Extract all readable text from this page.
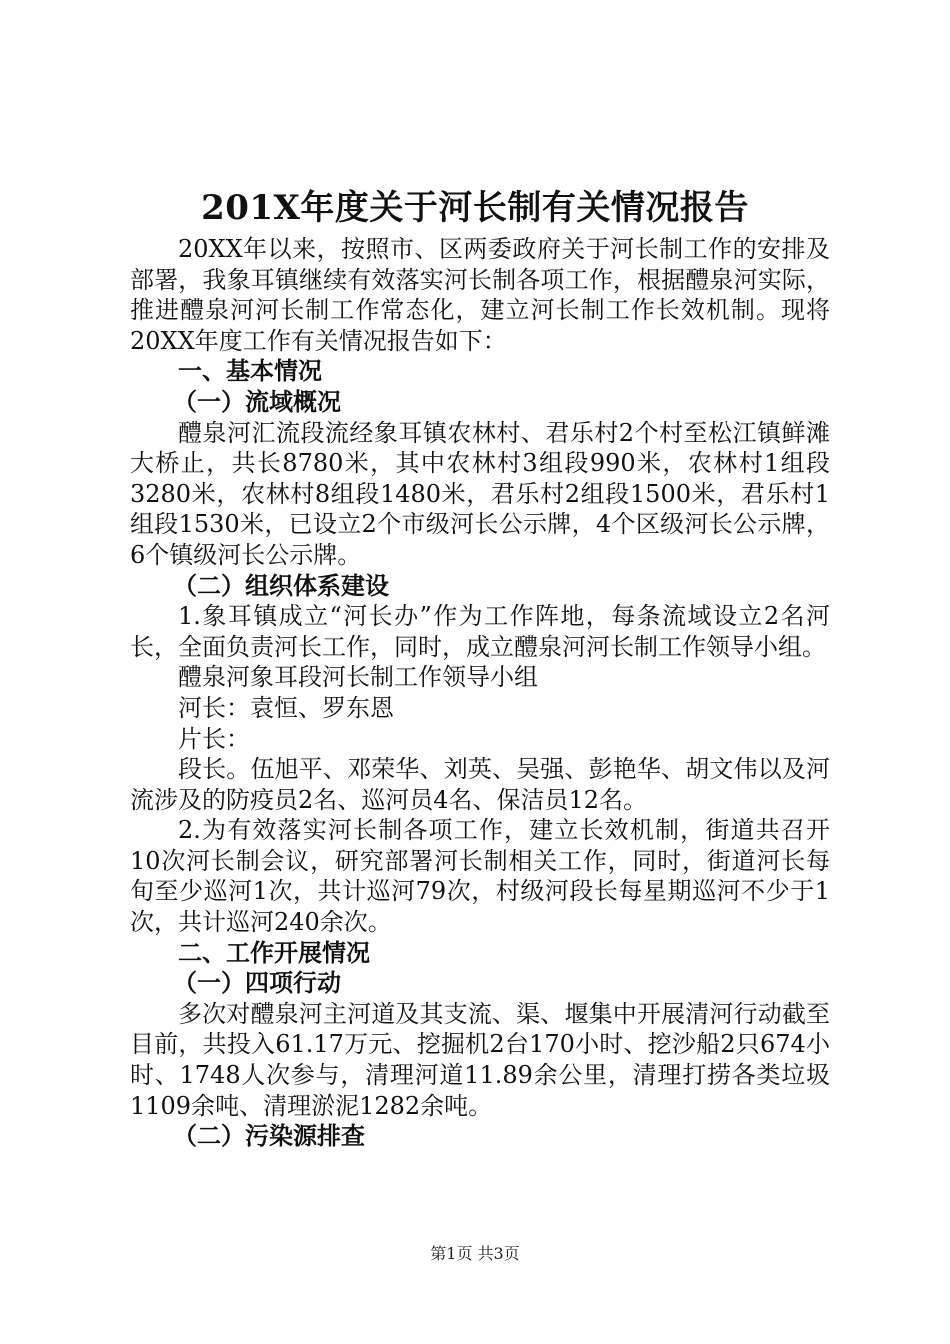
201X年度关于河长制有关情况报告

20XX年以来，按照市、区两委政府关于河长制工作的安排及部署，我象耳镇继续有效落实河长制各项工作，根据醴泉河实际，推进醴泉河河长制工作常态化，建立河长制工作长效机制。现将20XX年度工作有关情况报告如下：

一、基本情况

（一）流域概况

醴泉河汇流段流经象耳镇农林村、君乐村2个村至松江镇鲜滩大桥止，共长8780米，其中农林村3组段990米，农林村1组段3280米，农林村8组段1480米，君乐村2组段1500米，君乐村1组段1530米，已设立2个市级河长公示牌，4个区级河长公示牌，6个镇级河长公示牌。

（二）组织体系建设

1.象耳镇成立“河长办”作为工作阵地，每条流域设立2名河长，全面负责河长工作，同时，成立醴泉河河长制工作领导小组。

醴泉河象耳段河长制工作领导小组

河长：袁恒、罗东恩

片长：

段长。伍旭平、邓荣华、刘英、吴强、彭艳华、胡文伟以及河流涉及的防疫员2名、巡河员4名、保洁员12名。

2.为有效落实河长制各项工作，建立长效机制，街道共召开10次河长制会议，研究部署河长制相关工作，同时，街道河长每旬至少巡河1次，共计巡河79次，村级河段长每星期巡河不少于1次，共计巡河240余次。

二、工作开展情况

（一）四项行动

多次对醴泉河主河道及其支流、渠、堰集中开展清河行动截至目前，共投入61.17万元、挖掘机2台170小时、挖沙船2只674小时、1748人次参与，清理河道11.89余公里，清理打捞各类垃圾1109余吨、清理淤泥1282余吨。

（二）污染源排查

第1页 共3页
